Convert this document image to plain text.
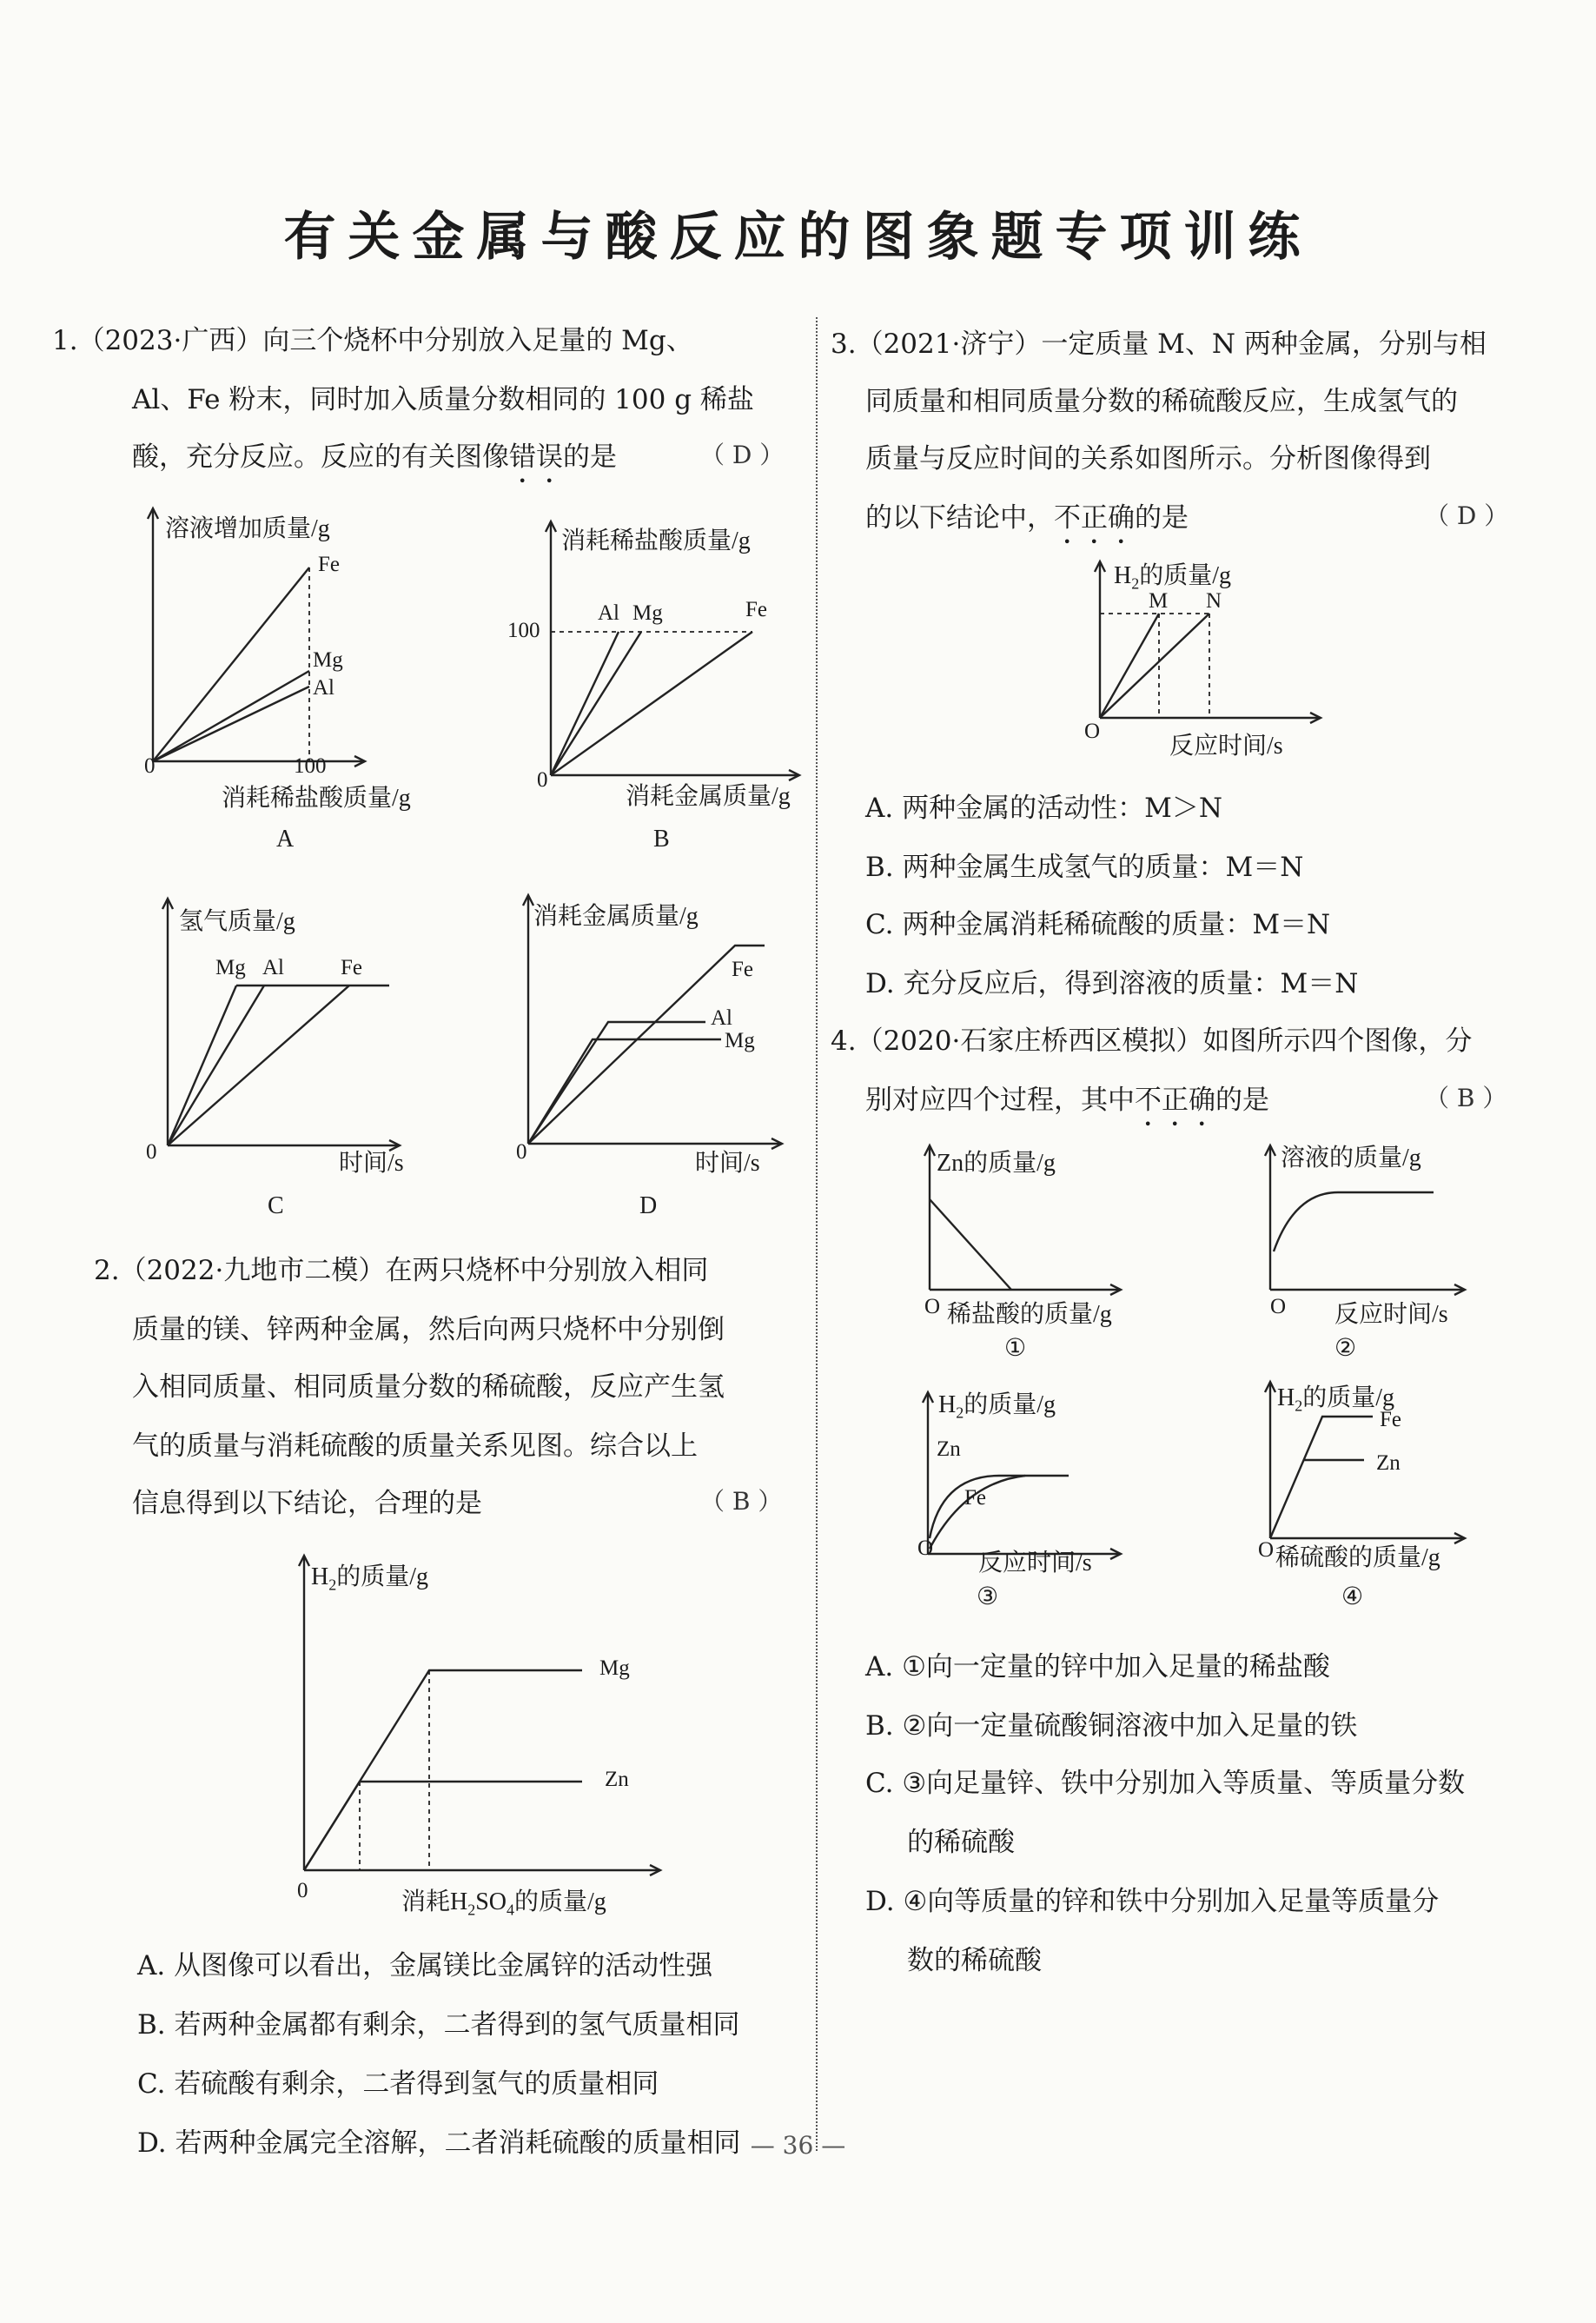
有关金属与酸反应的图象题专项训练
1.（2023·广西）向三个烧杯中分别放入足量的 Mg、
Al、Fe 粉末，同时加入质量分数相同的 100 g 稀盐
酸，充分反应。反应的有关图像错误的是	（ D ）
溶液增加质量/g
Fe
Mg
Al
0	100
消耗稀盐酸质量/g
A
消耗稀盐酸质量/g
100
Al Mg	Fe
0
消耗金属质量/g
B
氢气质量/g
Mg Al	Fe
0	时间/s
C
消耗金属质量/g
Fe
Al
Mg
0	时间/s
D
2.（2022·九地市二模）在两只烧杯中分别放入相同
质量的镁、锌两种金属，然后向两只烧杯中分别倒
入相同质量、相同质量分数的稀硫酸，反应产生氢
气的质量与消耗硫酸的质量关系见图。综合以上
信息得到以下结论，合理的是	（ B ）
$H_2$的质量/g
Mg
Zn
0	消耗$H_2SO_4$的质量/g
A. 从图像可以看出，金属镁比金属锌的活动性强
B. 若两种金属都有剩余，二者得到的氢气质量相同
C. 若硫酸有剩余，二者得到氢气的质量相同
D. 若两种金属完全溶解，二者消耗硫酸的质量相同
3.（2021·济宁）一定质量 M、N 两种金属，分别与相
同质量和相同质量分数的稀硫酸反应，生成氢气的
质量与反应时间的关系如图所示。分析图像得到
的以下结论中，不正确的是	（ D ）
$H_2$的质量/g
M N
O
反应时间/s
A. 两种金属的活动性：M＞N
B. 两种金属生成氢气的质量：M＝N
C. 两种金属消耗稀硫酸的质量：M＝N
D. 充分反应后，得到溶液的质量：M＝N
4.（2020·石家庄桥西区模拟）如图所示四个图像，分
别对应四个过程，其中不正确的是	（ B ）
Zn的质量/g
O 稀盐酸的质量/g
①
溶液的质量/g
O 反应时间/s
②
$H_2$的质量/g
Zn
Fe
O
反应时间/s
③
$H_2$的质量/g
Fe
Zn
O 稀硫酸的质量/g
④
A. ①向一定量的锌中加入足量的稀盐酸
B. ②向一定量硫酸铜溶液中加入足量的铁
C. ③向足量锌、铁中分别加入等质量、等质量分数
的稀硫酸
D. ④向等质量的锌和铁中分别加入足量等质量分
数的稀硫酸
— 36 —
